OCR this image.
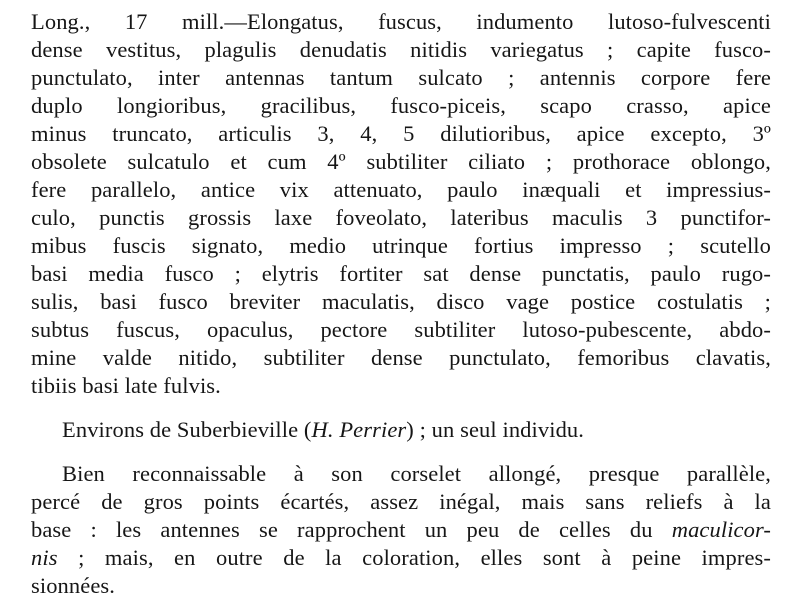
Long., 17 mill.—Elongatus, fuscus, indumento lutoso-fulvescenti
dense vestitus, plagulis denudatis nitidis variegatus ; capite fusco-
punctulato, inter antennas tantum sulcato ; antennis corpore fere
duplo longioribus, gracilibus, fusco-piceis, scapo crasso, apice
minus truncato, articulis 3, 4, 5 dilutioribus, apice excepto, 3º
obsolete sulcatulo et cum 4º subtiliter ciliato ; prothorace oblongo,
fere parallelo, antice vix attenuato, paulo inæquali et impressius-
culo, punctis grossis laxe foveolato, lateribus maculis 3 punctifor-
mibus fuscis signato, medio utrinque fortius impresso ; scutello
basi media fusco ; elytris fortiter sat dense punctatis, paulo rugo-
sulis, basi fusco breviter maculatis, disco vage postice costulatis ;
subtus fuscus, opaculus, pectore subtiliter lutoso-pubescente, abdo-
mine valde nitido, subtiliter dense punctulato, femoribus clavatis,
tibiis basi late fulvis.
Environs de Suberbieville (H. Perrier) ; un seul individu.
Bien reconnaissable à son corselet allongé, presque parallèle,
percé de gros points écartés, assez inégal, mais sans reliefs à la
base : les antennes se rapprochent un peu de celles du maculicor-
nis ; mais, en outre de la coloration, elles sont à peine impres-
sionnées.
